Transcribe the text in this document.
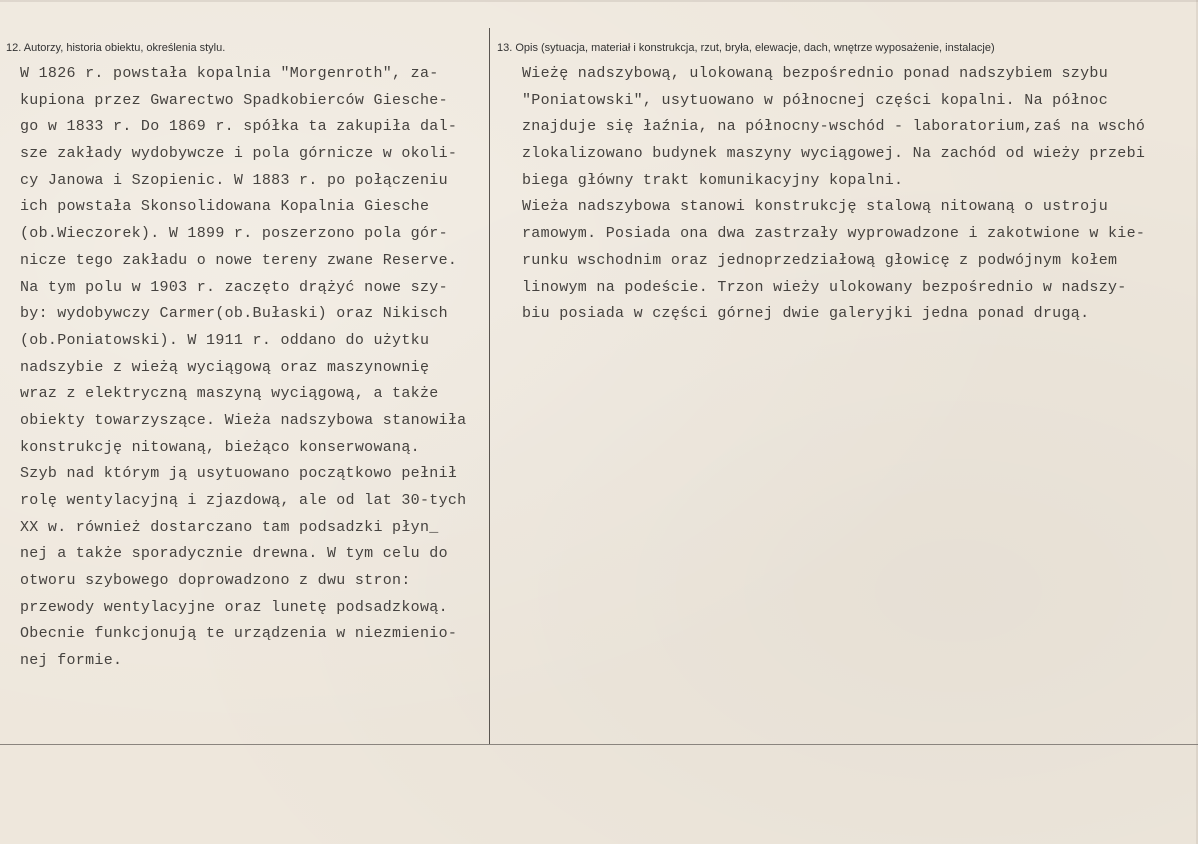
12. Autorzy, historia obiektu, określenia stylu.	13. Opis (sytuacja, materiał i konstrukcja, rzut, bryła, elewacje, dach, wnętrze wyposażenie, instalacje)
W 1826 r. powstała kopalnia "Morgenroth", za-
kupiona przez Gwarectwo Spadkobierców Giesche-
go w 1833 r. Do 1869 r. spółka ta zakupiła dal-
sze zakłady wydobywcze i pola górnicze w okoli-
cy Janowa i Szopienic. W 1883 r. po połączeniu
ich powstała Skonsolidowana Kopalnia Giesche
(ob.Wieczorek). W 1899 r. poszerzono pola gór-
nicze tego zakładu o nowe tereny zwane Reserve.
Na tym polu w 1903 r. zaczęto drążyć nowe szy-
by: wydobywczy Carmer(ob.Bułaski) oraz Nikisch
(ob.Poniatowski). W 1911 r. oddano do użytku
nadszybie z wieżą wyciągową oraz maszynownię
wraz z elektryczną maszyną wyciągową, a także
obiekty towarzyszące. Wieża nadszybowa stanowiła
konstrukcję nitowaną, bieżąco konserwowaną.
Szyb nad którym ją usytuowano początkowo pełnił
rolę wentylacyjną i zjazdową, ale od lat 30-tych
XX w. również dostarczano tam podsadzki płyn_
nej a także sporadycznie drewna. W tym celu do
otworu szybowego doprowadzono z dwu stron:
przewody wentylacyjne oraz lunetę podsadzkową.
Obecnie funkcjonują te urządzenia w niezmienio-
nej formie.
Wieżę nadszybową, ulokowaną bezpośrednio ponad nadszybiem szybu
"Poniatowski", usytuowano w północnej części kopalni. Na północ
znajduje się łaźnia, na północny-wschód - laboratorium,zaś na wschó
zlokalizowano budynek maszyny wyciągowej. Na zachód od wieży przebi
biega główny trakt komunikacyjny kopalni.
Wieża nadszybowa stanowi konstrukcję stalową nitowaną o ustroju
ramowym. Posiada ona dwa zastrzały wyprowadzone i zakotwione w kie-
runku wschodnim oraz jednoprzedziałową głowicę z podwójnym kołem
linowym na podeście. Trzon wieży ulokowany bezpośrednio w nadszy-
biu posiada w części górnej dwie galeryjki jedna ponad drugą.
